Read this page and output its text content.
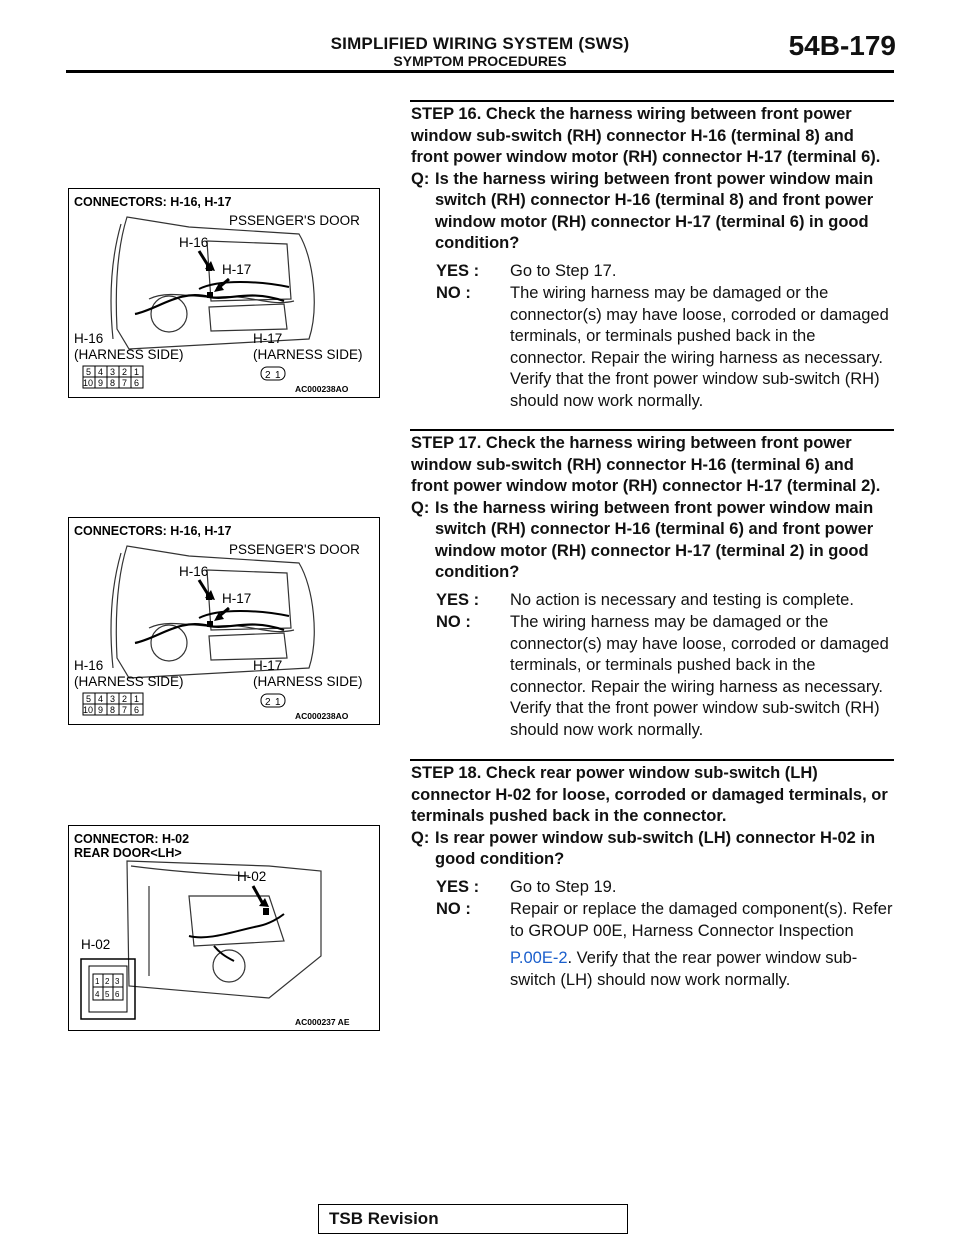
SIMPLIFIED WIRING SYSTEM (SWS)
SYMPTOM PROCEDURES	54B-179

STEP 16. Check the harness wiring between front power window sub-switch (RH) connector H-16 (terminal 8) and front power window motor (RH) connector H-17 (terminal 6).

Q: Is the harness wiring between front power window main switch (RH) connector H-16 (terminal 8) and front power window motor (RH) connector H-17 (terminal 6) in good condition?
YES :	Go to Step 17.
NO :	The wiring harness may be damaged or the connector(s) may have loose, corroded or damaged terminals, or terminals pushed back in the connector. Repair the wiring harness as necessary. Verify that the front power window sub-switch (RH) should now work normally.

STEP 17. Check the harness wiring between front power window sub-switch (RH) connector H-16 (terminal 6) and front power window motor (RH) connector H-17 (terminal 2).

Q: Is the harness wiring between front power window main switch (RH) connector H-16 (terminal 6) and front power window motor (RH) connector H-17 (terminal 2) in good condition?
YES :	No action is necessary and testing is complete.
NO :	The wiring harness may be damaged or the connector(s) may have loose, corroded or damaged terminals, or terminals pushed back in the connector. Repair the wiring harness as necessary. Verify that the front power window sub-switch (RH) should now work normally.

STEP 18. Check rear power window sub-switch (LH) connector H-02 for loose, corroded or damaged terminals, or terminals pushed back in the connector.

Q: Is rear power window sub-switch (LH) connector H-02 in good condition?
YES :	Go to Step 19.
NO :	Repair or replace the damaged component(s). Refer to GROUP 00E, Harness Connector Inspection
P.00E-2. Verify that the rear power window sub-switch (LH) should now work normally.
CONNECTORS: H-16, H-17
PSSENGER'S DOOR
H-16
H-17
H-16
(HARNESS SIDE)
H-17
(HARNESS SIDE)
5 4 3 2 1
10 9 8 7 6
2 1
AC000238AO
CONNECTORS: H-16, H-17
PSSENGER'S DOOR
H-16
H-17
H-16
(HARNESS SIDE)
H-17
(HARNESS SIDE)
5 4 3 2 1
10 9 8 7 6
2 1
AC000238AO
CONNECTOR: H-02
REAR DOOR<LH>
H-02
H-02
1 2 3
4 5 6
AC000237 AE
TSB Revision
